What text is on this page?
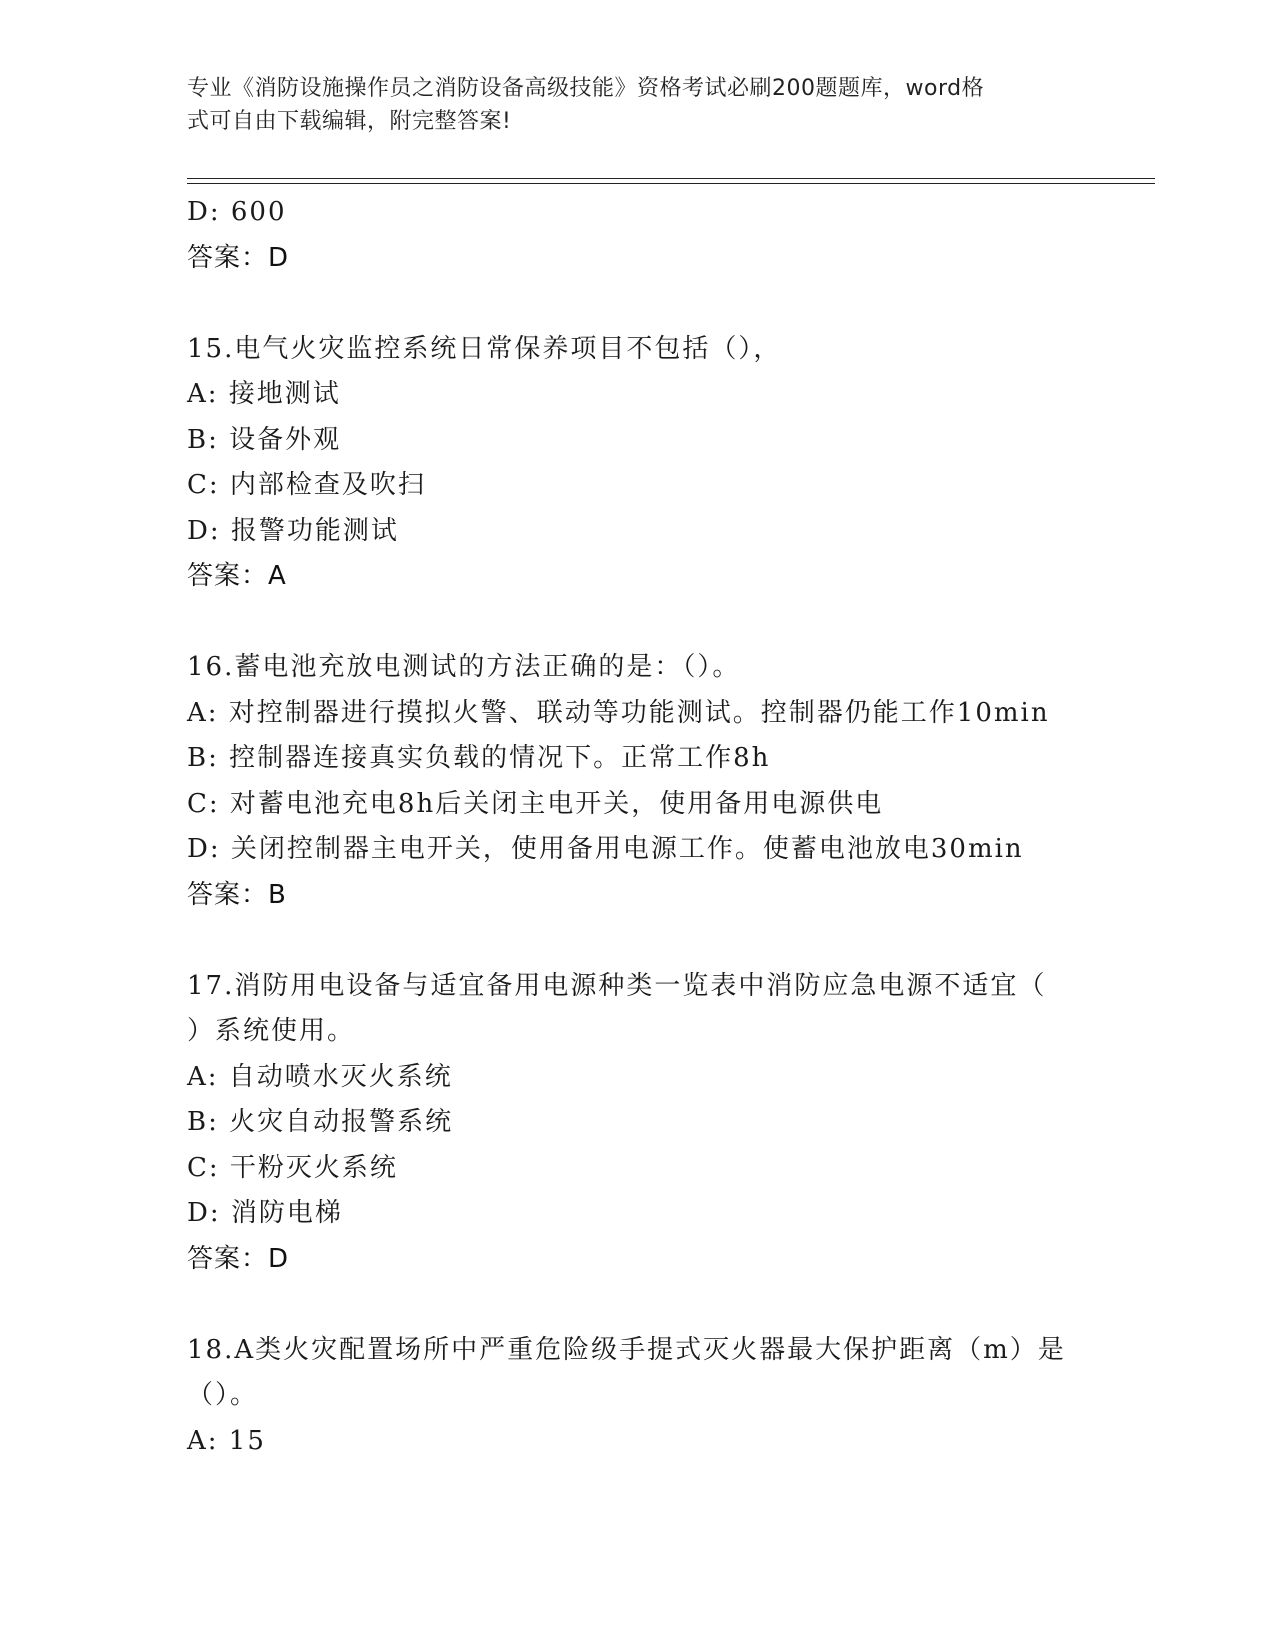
专业《消防设施操作员之消防设备高级技能》资格考试必刷200题题库，word格
式可自由下载编辑，附完整答案!
D: 600
答案：D
15.电气火灾监控系统日常保养项目不包括（），
A: 接地测试
B: 设备外观
C: 内部检查及吹扫
D: 报警功能测试
答案：A
16.蓄电池充放电测试的方法正确的是：（）。
A: 对控制器进行摸拟火警、联动等功能测试。控制器仍能工作10min
B: 控制器连接真实负载的情况下。正常工作8h
C: 对蓄电池充电8h后关闭主电开关，使用备用电源供电
D: 关闭控制器主电开关，使用备用电源工作。使蓄电池放电30min
答案：B
17.消防用电设备与适宜备用电源种类一览表中消防应急电源不适宜（
）系统使用。
A: 自动喷水灭火系统
B: 火灾自动报警系统
C: 干粉灭火系统
D: 消防电梯
答案：D
18.A类火灾配置场所中严重危险级手提式灭火器最大保护距离（m）是
（）。
A: 15
